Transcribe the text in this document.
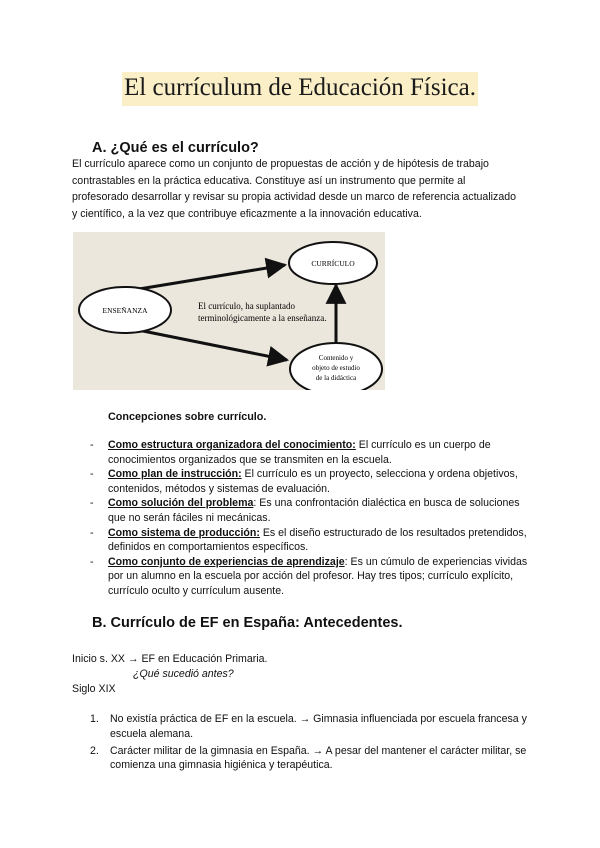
El currículum de Educación Física.
A. ¿Qué es el currículo?

El currículo aparece como un conjunto de propuestas de acción y de hipótesis de trabajo contrastables en la práctica educativa. Constituye así un instrumento que permite al profesorado desarrollar y revisar su propia actividad desde un marco de referencia actualizado y científico, a la vez que contribuye eficazmente a la innovación educativa.

CURRÍCULO
ENSEÑANZA
Contenido y
objeto de estudio
de la didáctica
El currículo, ha suplantado
terminológicamente a la enseñanza.
Concepciones sobre currículo.
- Como estructura organizadora del conocimiento: El currículo es un cuerpo de conocimientos organizados que se transmiten en la escuela.
- Como plan de instrucción: El currículo es un proyecto, selecciona y ordena objetivos, contenidos, métodos y sistemas de evaluación.
- Como solución del problema: Es una confrontación dialéctica en busca de soluciones que no serán fáciles ni mecánicas.
- Como sistema de producción: Es el diseño estructurado de los resultados pretendidos, definidos en comportamientos específicos.
- Como conjunto de experiencias de aprendizaje: Es un cúmulo de experiencias vividas por un alumno en la escuela por acción del profesor. Hay tres tipos; currículo explícito, currículo oculto y currículum ausente.
B. Currículo de EF en España: Antecedentes.
Inicio s. XX → EF en Educación Primaria.
¿Qué sucedió antes?
Siglo XIX
1. No existía práctica de EF en la escuela. → Gimnasia influenciada por escuela francesa y escuela alemana.
2. Carácter militar de la gimnasia en España. → A pesar del mantener el carácter militar, se comienza una gimnasia higiénica y terapéutica.
